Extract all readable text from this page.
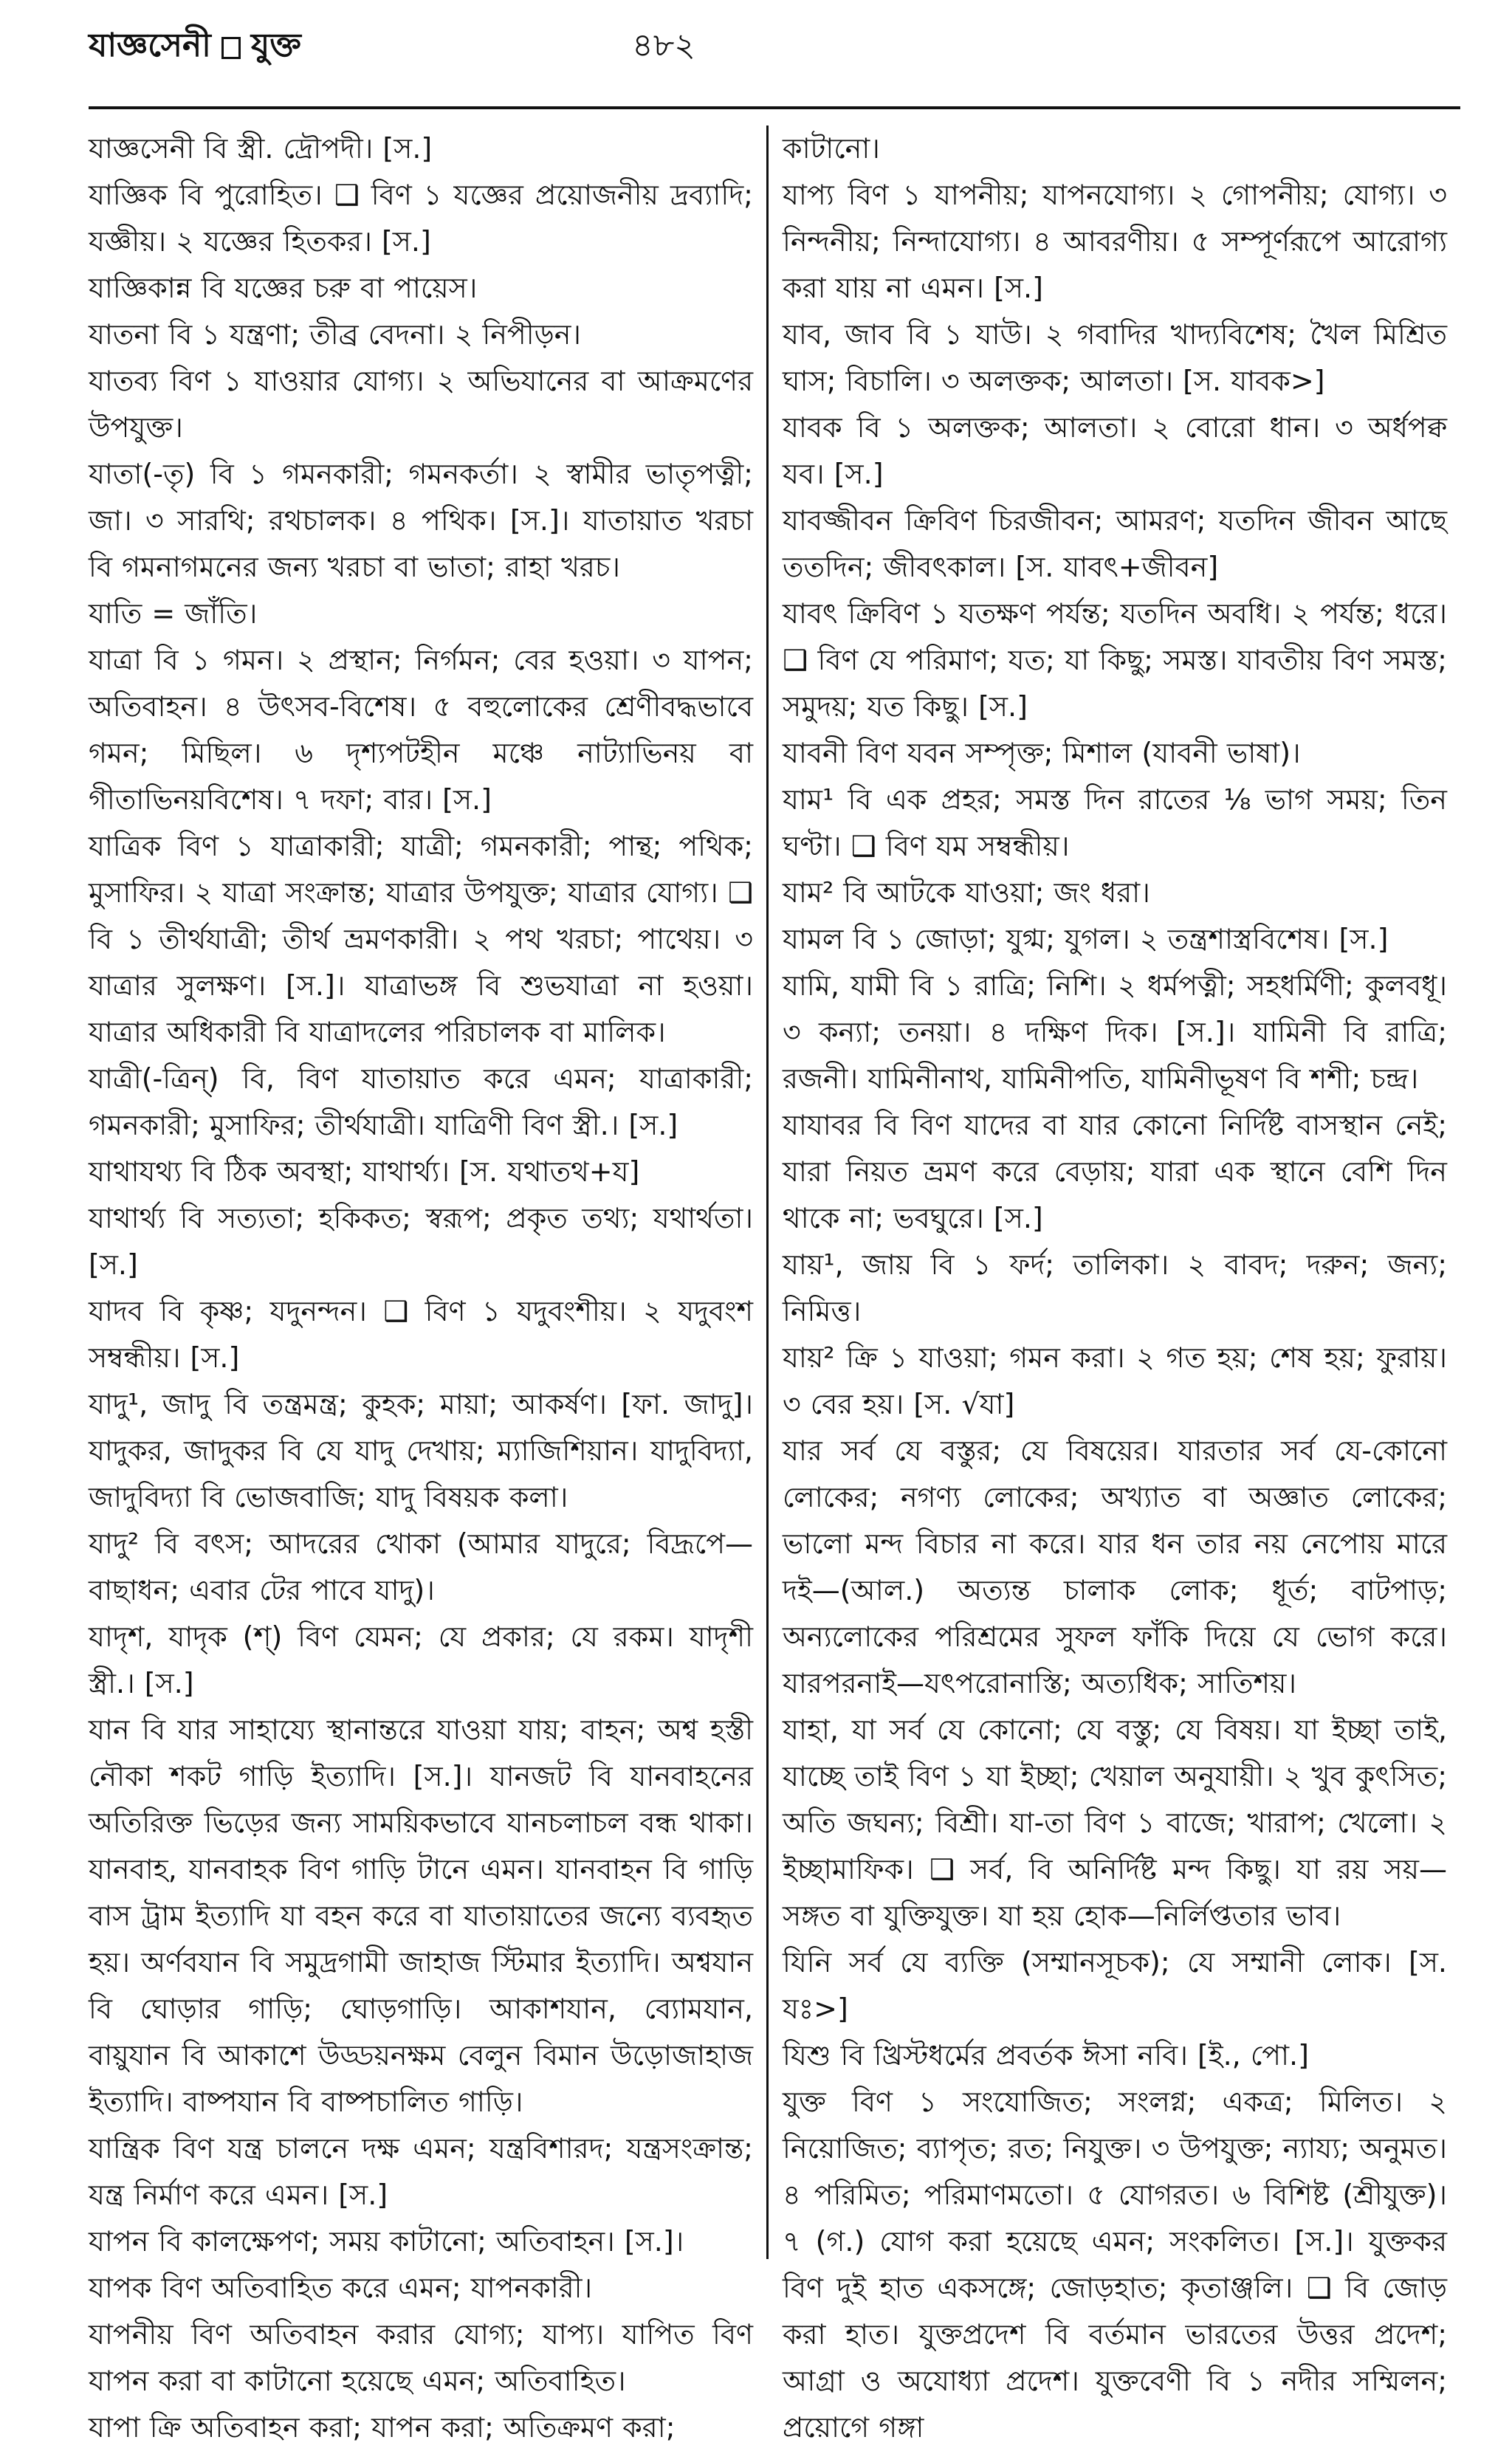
যাজ্ঞসেনী যুক্ত	৪৮২

যাজ্ঞসেনী বি স্ত্রী. দ্রৌপদী। [স.]

যাজ্ঞিক বি পুরোহিত। ❑ বিণ ১ যজ্ঞের প্রয়োজনীয় দ্রব্যাদি; যজ্ঞীয়। ২ যজ্ঞের হিতকর। [স.]

যাজ্ঞিকান্ন বি যজ্ঞের চরু বা পায়েস।

যাতনা বি ১ যন্ত্রণা; তীব্র বেদনা। ২ নিপীড়ন।

যাতব্য বিণ ১ যাওয়ার যোগ্য। ২ অভিযানের বা আক্রমণের উপযুক্ত।

যাতা(-তৃ) বি ১ গমনকারী; গমনকর্তা। ২ স্বামীর ভাতৃপত্নী; জা। ৩ সারথি; রথচালক। ৪ পথিক। [স.]। যাতায়াত খরচা বি গমনাগমনের জন্য খরচা বা ভাতা; রাহা খরচ।

যাতি = জাঁতি।

যাত্রা বি ১ গমন। ২ প্রস্থান; নির্গমন; বের হওয়া। ৩ যাপন; অতিবাহন। ৪ উৎসব-বিশেষ। ৫ বহুলোকের শ্রেণীবদ্ধভাবে গমন; মিছিল। ৬ দৃশ্যপটহীন মঞ্চে নাট্যাভিনয় বা গীতাভিনয়বিশেষ। ৭ দফা; বার। [স.]

যাত্রিক বিণ ১ যাত্রাকারী; যাত্রী; গমনকারী; পান্থ; পথিক; মুসাফির। ২ যাত্রা সংক্রান্ত; যাত্রার উপযুক্ত; যাত্রার যোগ্য। ❑ বি ১ তীর্থযাত্রী; তীর্থ ভ্রমণকারী। ২ পথ খরচা; পাথেয়। ৩ যাত্রার সুলক্ষণ। [স.]। যাত্রাভঙ্গ বি শুভযাত্রা না হওয়া। যাত্রার অধিকারী বি যাত্রাদলের পরিচালক বা মালিক।

যাত্রী(-ত্রিন্) বি, বিণ যাতায়াত করে এমন; যাত্রাকারী; গমনকারী; মুসাফির; তীর্থযাত্রী। যাত্রিণী বিণ স্ত্রী.। [স.]

যাথাযথ্য বি ঠিক অবস্থা; যাথার্থ্য। [স. যথাতথ+য]

যাথার্থ্য বি সত্যতা; হকিকত; স্বরূপ; প্রকৃত তথ্য; যথার্থতা। [স.]

যাদব বি কৃষ্ণ; যদুনন্দন। ❑ বিণ ১ যদুবংশীয়। ২ যদুবংশ সম্বন্ধীয়। [স.]

যাদু¹, জাদু বি তন্ত্রমন্ত্র; কুহক; মায়া; আকর্ষণ। [ফা. জাদু]। যাদুকর, জাদুকর বি যে যাদু দেখায়; ম্যাজিশিয়ান। যাদুবিদ্যা, জাদুবিদ্যা বি ভোজবাজি; যাদু বিষয়ক কলা।

যাদু² বি বৎস; আদরের খোকা (আমার যাদুরে; বিদ্রূপে—বাছাধন; এবার টের পাবে যাদু)।

যাদৃশ, যাদৃক (শ্) বিণ যেমন; যে প্রকার; যে রকম। যাদৃশী স্ত্রী.। [স.]

যান বি যার সাহায্যে স্থানান্তরে যাওয়া যায়; বাহন; অশ্ব হস্তী নৌকা শকট গাড়ি ইত্যাদি। [স.]। যানজট বি যানবাহনের অতিরিক্ত ভিড়ের জন্য সাময়িকভাবে যানচলাচল বন্ধ থাকা। যানবাহ, যানবাহক বিণ গাড়ি টানে এমন। যানবাহন বি গাড়ি বাস ট্রাম ইত্যাদি যা বহন করে বা যাতায়াতের জন্যে ব্যবহৃত হয়। অর্ণবযান বি সমুদ্রগামী জাহাজ স্টিমার ইত্যাদি। অশ্বযান বি ঘোড়ার গাড়ি; ঘোড়গাড়ি। আকাশযান, ব্যোমযান, বায়ুযান বি আকাশে উড্ডয়নক্ষম বেলুন বিমান উড়োজাহাজ ইত্যাদি। বাষ্পযান বি বাষ্পচালিত গাড়ি।

যান্ত্রিক বিণ যন্ত্র চালনে দক্ষ এমন; যন্ত্রবিশারদ; যন্ত্রসংক্রান্ত; যন্ত্র নির্মাণ করে এমন। [স.]

যাপন বি কালক্ষেপণ; সময় কাটানো; অতিবাহন। [স.]।

যাপক বিণ অতিবাহিত করে এমন; যাপনকারী।

যাপনীয় বিণ অতিবাহন করার যোগ্য; যাপ্য। যাপিত বিণ যাপন করা বা কাটানো হয়েছে এমন; অতিবাহিত।

যাপা ক্রি অতিবাহন করা; যাপন করা; অতিক্রমণ করা;

কাটানো।

যাপ্য বিণ ১ যাপনীয়; যাপনযোগ্য। ২ গোপনীয়; যোগ্য। ৩ নিন্দনীয়; নিন্দাযোগ্য। ৪ আবরণীয়। ৫ সম্পূর্ণরূপে আরোগ্য করা যায় না এমন। [স.]

যাব, জাব বি ১ যাউ। ২ গবাদির খাদ্যবিশেষ; খৈল মিশ্রিত ঘাস; বিচালি। ৩ অলক্তক; আলতা। [স. যাবক>]

যাবক বি ১ অলক্তক; আলতা। ২ বোরো ধান। ৩ অর্ধপক্ব যব। [স.]

যাবজ্জীবন ক্রিবিণ চিরজীবন; আমরণ; যতদিন জীবন আছে ততদিন; জীবৎকাল। [স. যাবৎ+জীবন]

যাবৎ ক্রিবিণ ১ যতক্ষণ পর্যন্ত; যতদিন অবধি। ২ পর্যন্ত; ধরে। ❑ বিণ যে পরিমাণ; যত; যা কিছু; সমস্ত। যাবতীয় বিণ সমস্ত; সমুদয়; যত কিছু। [স.]

যাবনী বিণ যবন সম্পৃক্ত; মিশাল (যাবনী ভাষা)।

যাম¹ বি এক প্রহর; সমস্ত দিন রাতের ⅛ ভাগ সময়; তিন ঘণ্টা। ❑ বিণ যম সম্বন্ধীয়।

যাম² বি আটকে যাওয়া; জং ধরা।

যামল বি ১ জোড়া; যুগ্ম; যুগল। ২ তন্ত্রশাস্ত্রবিশেষ। [স.]

যামি, যামী বি ১ রাত্রি; নিশি। ২ ধর্মপত্নী; সহধর্মিণী; কুলবধূ। ৩ কন্যা; তনয়া। ৪ দক্ষিণ দিক। [স.]। যামিনী বি রাত্রি; রজনী। যামিনীনাথ, যামিনীপতি, যামিনীভূষণ বি শশী; চন্দ্র।

যাযাবর বি বিণ যাদের বা যার কোনো নির্দিষ্ট বাসস্থান নেই; যারা নিয়ত ভ্রমণ করে বেড়ায়; যারা এক স্থানে বেশি দিন থাকে না; ভবঘুরে। [স.]

যায়¹, জায় বি ১ ফর্দ; তালিকা। ২ বাবদ; দরুন; জন্য; নিমিত্ত।

যায়² ক্রি ১ যাওয়া; গমন করা। ২ গত হয়; শেষ হয়; ফুরায়। ৩ বের হয়। [স. √যা]

যার সর্ব যে বস্তুর; যে বিষয়ের। যারতার সর্ব যে-কোনো লোকের; নগণ্য লোকের; অখ্যাত বা অজ্ঞাত লোকের; ভালো মন্দ বিচার না করে। যার ধন তার নয় নেপোয় মারে দই—(আল.) অত্যন্ত চালাক লোক; ধূর্ত; বাটপাড়; অন্যলোকের পরিশ্রমের সুফল ফাঁকি দিয়ে যে ভোগ করে। যারপরনাই—যৎপরোনাস্তি; অত্যধিক; সাতিশয়।

যাহা, যা সর্ব যে কোনো; যে বস্তু; যে বিষয়। যা ইচ্ছা তাই, যাচ্ছে তাই বিণ ১ যা ইচ্ছা; খেয়াল অনুযায়ী। ২ খুব কুৎসিত; অতি জঘন্য; বিশ্রী। যা-তা বিণ ১ বাজে; খারাপ; খেলো। ২ ইচ্ছামাফিক। ❑ সর্ব, বি অনির্দিষ্ট মন্দ কিছু। যা রয় সয়—সঙ্গত বা যুক্তিযুক্ত। যা হয় হোক—নির্লিপ্ততার ভাব।

যিনি সর্ব যে ব্যক্তি (সম্মানসূচক); যে সম্মানী লোক। [স. যঃ>]

যিশু বি খ্রিস্টধর্মের প্রবর্তক ঈসা নবি। [ই., পো.]

যুক্ত বিণ ১ সংযোজিত; সংলগ্ন; একত্র; মিলিত। ২ নিয়োজিত; ব্যাপৃত; রত; নিযুক্ত। ৩ উপযুক্ত; ন্যায্য; অনুমত। ৪ পরিমিত; পরিমাণমতো। ৫ যোগরত। ৬ বিশিষ্ট (শ্রীযুক্ত)। ৭ (গ.) যোগ করা হয়েছে এমন; সংকলিত। [স.]। যুক্তকর বিণ দুই হাত একসঙ্গে; জোড়হাত; কৃতাঞ্জলি। ❑ বি জোড় করা হাত। যুক্তপ্রদেশ বি বর্তমান ভারতের উত্তর প্রদেশ; আগ্রা ও অযোধ্যা প্রদেশ। যুক্তবেণী বি ১ নদীর সম্মিলন; প্রয়োগে গঙ্গা
